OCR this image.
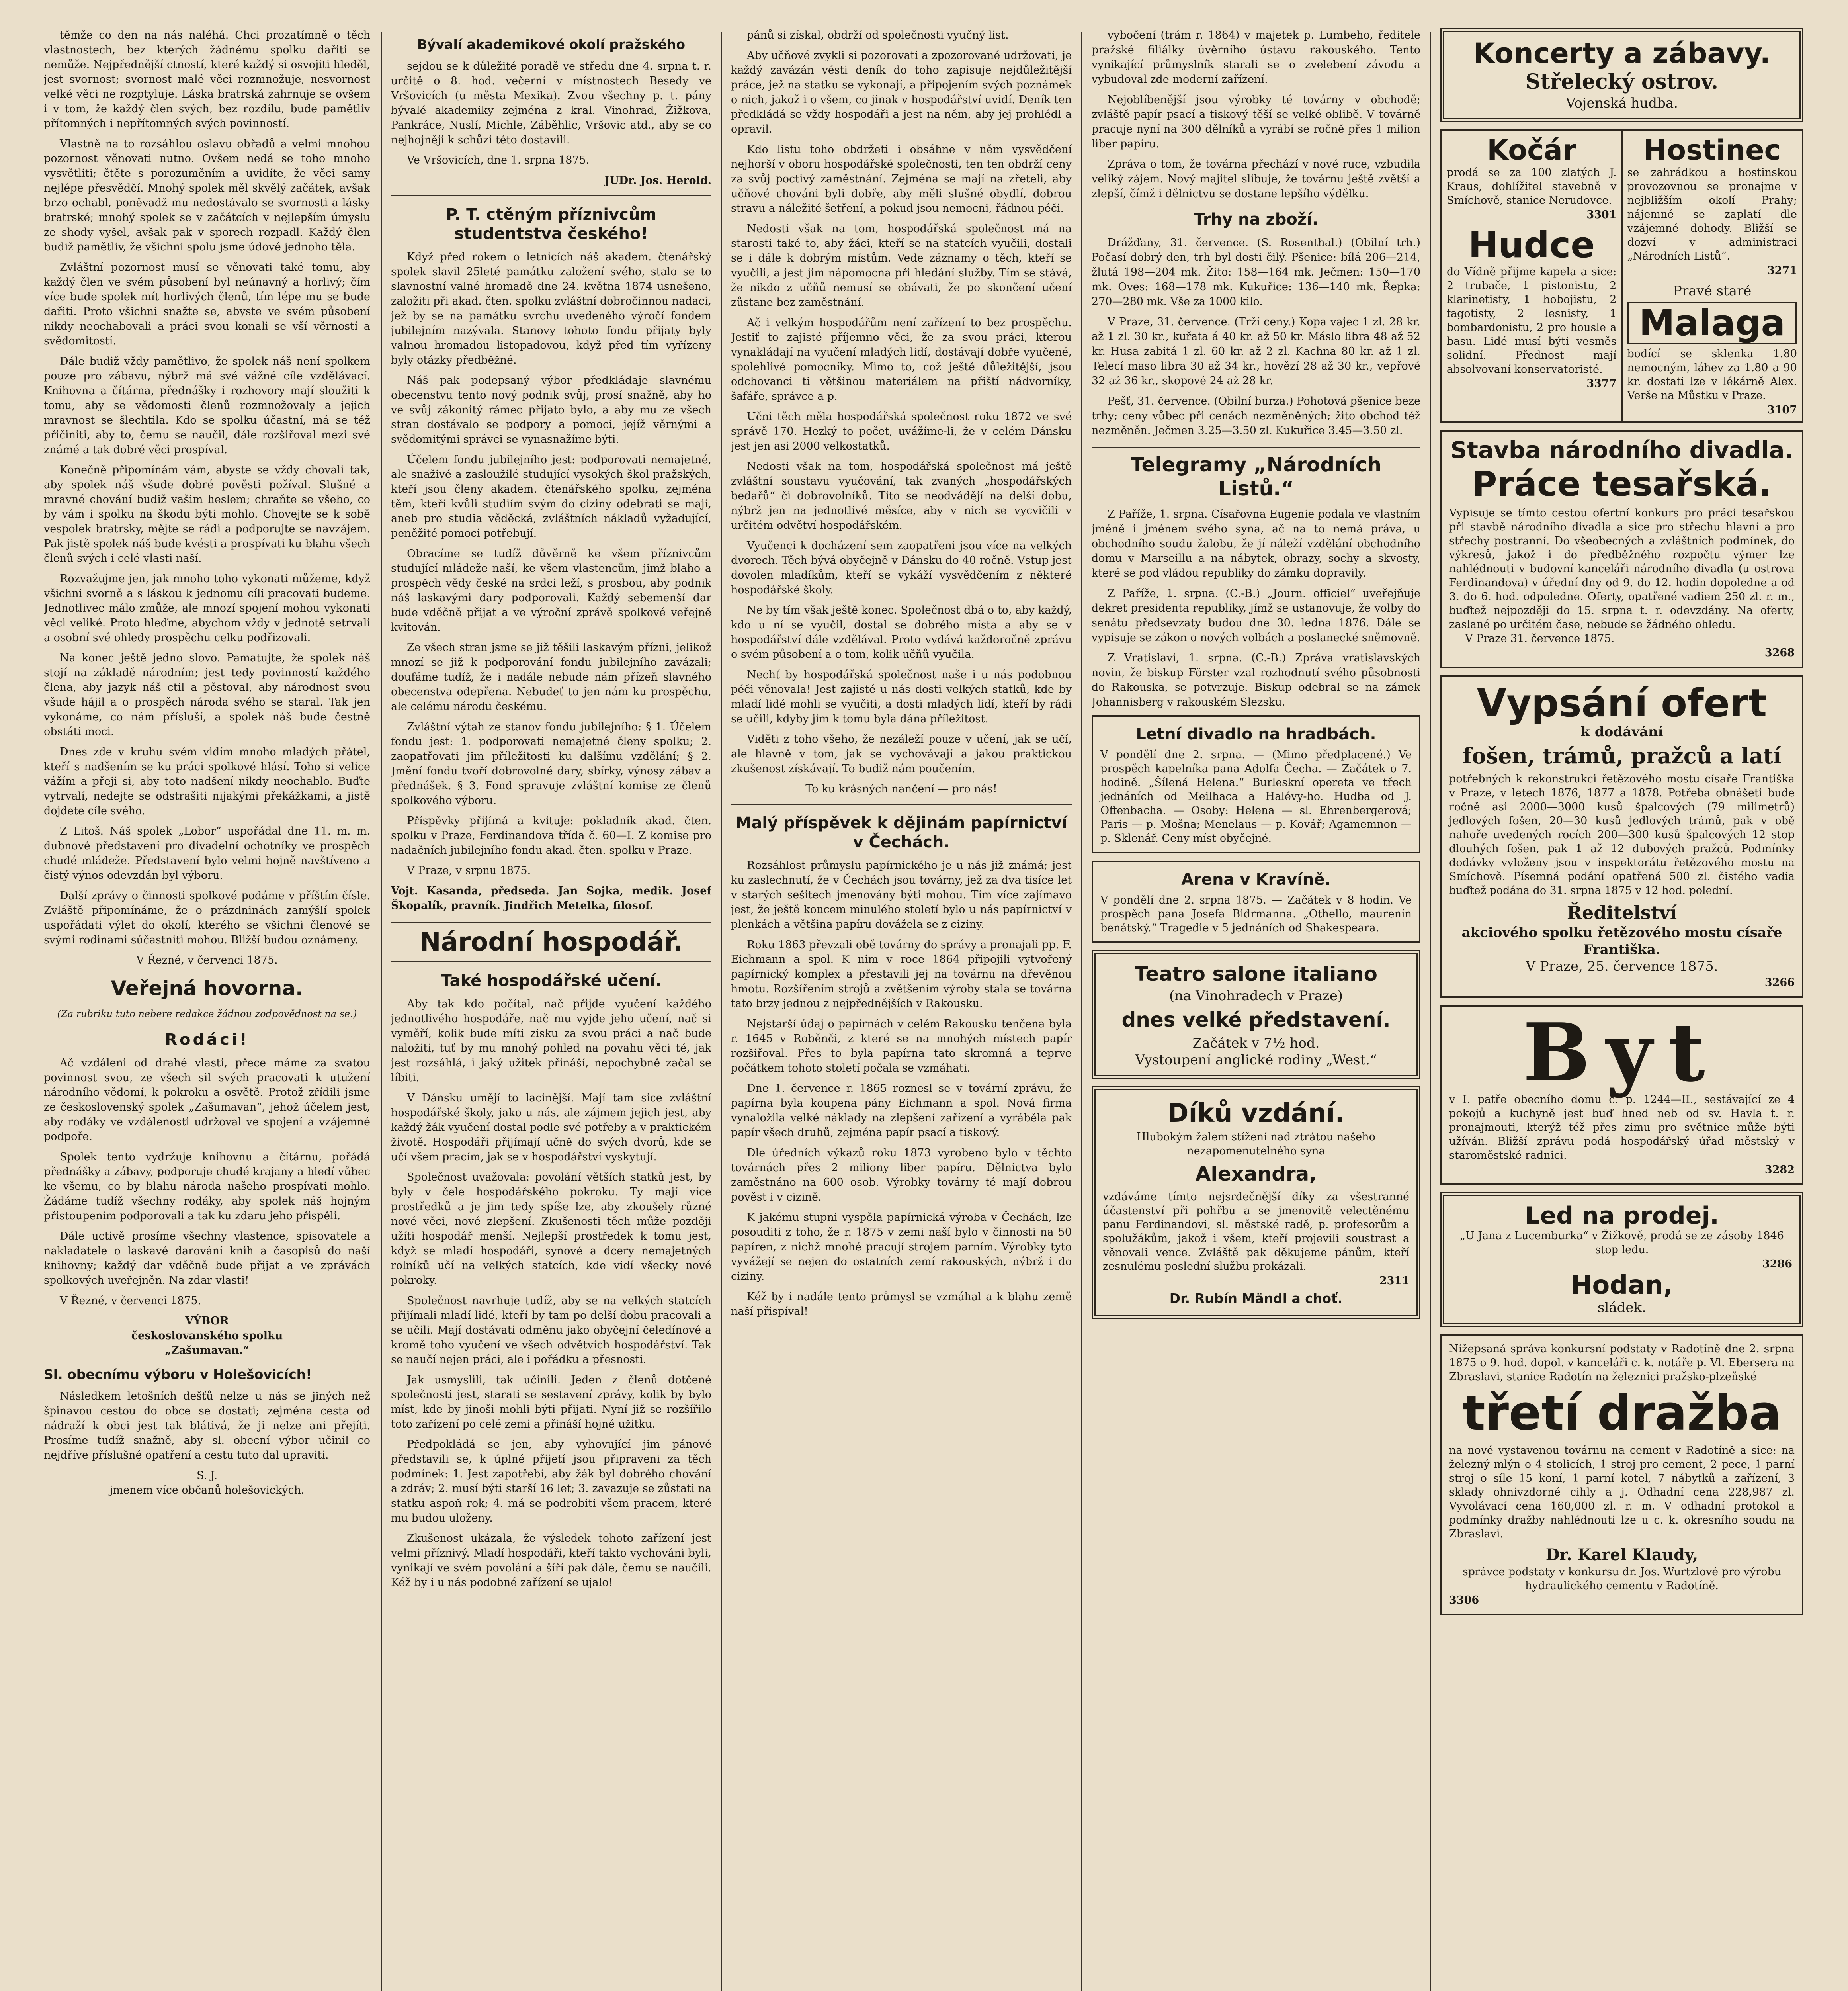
těmže co den na nás naléhá. Chci prozatímně o těch vlastnostech, bez kterých žádnému spolku dařiti se nemůže. Nejpřednější ctností, které každý si osvojiti hleděl, jest svornost; svornost malé věci rozmnožuje, nesvornost velké věci ne rozptyluje. Láska bratrská zahrnuje se ovšem i v tom, že každý člen svých, bez rozdílu, bude pamětliv přítomných i nepřítomných svých povinností.

Vlastně na to rozsáhlou oslavu obřadů a velmi mnohou pozornost věnovati nutno. Ovšem nedá se toho mnoho vysvětliti; čtěte s porozuměním a uvidíte, že věci samy nejlépe přesvědčí. Mnohý spolek měl skvělý začátek, avšak brzo ochabl, poněvadž mu nedostávalo se svornosti a lásky bratrské; mnohý spolek se v začátcích v nejlepším úmyslu ze shody vyšel, avšak pak v sporech rozpadl. Každý člen budiž pamětliv, že všichni spolu jsme údové jednoho těla.

Zvláštní pozornost musí se věnovati také tomu, aby každý člen ve svém působení byl neúnavný a horlivý; čím více bude spolek mít horlivých členů, tím lépe mu se bude dařiti. Proto všichni snažte se, abyste ve svém působení nikdy neochabovali a práci svou konali se vší věrností a svědomitostí.

Dále budiž vždy pamětlivo, že spolek náš není spolkem pouze pro zábavu, nýbrž má své vážné cíle vzdělávací. Knihovna a čítárna, přednášky i rozhovory mají sloužiti k tomu, aby se vědomosti členů rozmnožovaly a jejich mravnost se šlechtila. Kdo se spolku účastní, má se též přičiniti, aby to, čemu se naučil, dále rozšiřoval mezi své známé a tak dobré věci prospíval.

Konečně připomínám vám, abyste se vždy chovali tak, aby spolek náš všude dobré pověsti požíval. Slušné a mravné chování budiž vašim heslem; chraňte se všeho, co by vám i spolku na škodu býti mohlo. Chovejte se k sobě vespolek bratrsky, mějte se rádi a podporujte se navzájem. Pak jistě spolek náš bude kvésti a prospívati ku blahu všech členů svých i celé vlasti naší.

Rozvažujme jen, jak mnoho toho vykonati můžeme, když všichni svorně a s láskou k jednomu cíli pracovati budeme. Jednotlivec málo zmůže, ale mnozí spojení mohou vykonati věci veliké. Proto hleďme, abychom vždy v jednotě setrvali a osobní své ohledy prospěchu celku podřizovali.

Na konec ještě jedno slovo. Pamatujte, že spolek náš stojí na základě národním; jest tedy povinností každého člena, aby jazyk náš ctil a pěstoval, aby národnost svou všude hájil a o prospěch národa svého se staral. Tak jen vykonáme, co nám přísluší, a spolek náš bude čestně obstáti moci.

Dnes zde v kruhu svém vidím mnoho mladých přátel, kteří s nadšením se ku práci spolkové hlásí. Toho si velice vážím a přeji si, aby toto nadšení nikdy neochablo. Buďte vytrvalí, nedejte se odstrašiti nijakými překážkami, a jistě dojdete cíle svého.

Z Litoš. Náš spolek „Lobor“ uspořádal dne 11. m. m. dubnové představení pro divadelní ochotníky ve prospěch chudé mládeže. Představení bylo velmi hojně navštíveno a čistý výnos odevzdán byl výboru.

Další zprávy o činnosti spolkové podáme v příštím čísle. Zvláště připomínáme, že o prázdninách zamýšlí spolek uspořádati výlet do okolí, kterého se všichni členové se svými rodinami súčastniti mohou. Bližší budou oznámeny.

V Řezné, v červenci 1875.

Veřejná hovorna.

(Za rubriku tuto nebere redakce žádnou zodpovědnost na se.)

Rodáci!

Ač vzdáleni od drahé vlasti, přece máme za svatou povinnost svou, ze všech sil svých pracovati k utužení národního vědomí, k pokroku a osvětě. Protož zřídili jsme ze československý spolek „Zašumavan“, jehož účelem jest, aby rodáky ve vzdálenosti udržoval ve spojení a vzájemné podpoře.

Spolek tento vydržuje knihovnu a čítárnu, pořádá přednášky a zábavy, podporuje chudé krajany a hledí vůbec ke všemu, co by blahu národa našeho prospívati mohlo. Žádáme tudíž všechny rodáky, aby spolek náš hojným přistoupením podporovali a tak ku zdaru jeho přispěli.

Dále uctivě prosíme všechny vlastence, spisovatele a nakladatele o laskavé darování knih a časopisů do naší knihovny; každý dar vděčně bude přijat a ve zprávách spolkových uveřejněn. Na zdar vlasti!

V Řezné, v červenci 1875.

VÝBOR
českoslovanského spolku
„Zašumavan.“

Sl. obecnímu výboru v Holešovicích!

Následkem letošních dešťů nelze u nás se jiných než špinavou cestou do obce se dostati; zejména cesta od nádraží k obci jest tak blátivá, že ji nelze ani přejíti. Prosíme tudíž snažně, aby sl. obecní výbor učinil co nejdříve příslušné opatření a cestu tuto dal upraviti.

S. J.
jmenem více občanů holešovických.

Bývalí akademikové okolí pražského

sejdou se k důležité poradě ve středu dne 4. srpna t. r. určitě o 8. hod. večerní v místnostech Besedy ve Vršovicích (u města Mexika). Zvou všechny p. t. pány bývalé akademiky zejména z kral. Vinohrad, Žižkova, Pankráce, Nuslí, Michle, Záběhlic, Vršovic atd., aby se co nejhojněji k schůzi této dostavili.

Ve Vršovicích, dne 1. srpna 1875.

JUDr. Jos. Herold.

P. T. ctěným příznivcům studentstva českého!

Když před rokem o letnicích náš akadem. čtenářský spolek slavil 25leté památku založení svého, stalo se to slavnostní valné hromadě dne 24. května 1874 usnešeno, založiti při akad. čten. spolku zvláštní dobročinnou nadaci, jež by se na památku svrchu uvedeného výročí fondem jubilejním nazývala. Stanovy tohoto fondu přijaty byly valnou hromadou listopadovou, když před tím vyřízeny byly otázky předběžné.

Náš pak podepsaný výbor předkládaje slavnému obecenstvu tento nový podnik svůj, prosí snažně, aby ho ve svůj zákonitý rámec přijato bylo, a aby mu ze všech stran dostávalo se podpory a pomoci, jejíž věrnými a svědomitými správci se vynasnažíme býti.

Účelem fondu jubilejního jest: podporovati nemajetné, ale snaživé a zasloužilé studující vysokých škol pražských, kteří jsou členy akadem. čtenářského spolku, zejména těm, kteří kvůli studiím svým do ciziny odebrati se mají, aneb pro studia věděcká, zvláštních nákladů vyžadující, peněžité pomoci potřebují.

Obracíme se tudíž důvěrně ke všem příznivcům studující mládeže naší, ke všem vlastencům, jimž blaho a prospěch vědy české na srdci leží, s prosbou, aby podnik náš laskavými dary podporovali. Každý sebemenší dar bude vděčně přijat a ve výroční zprávě spolkové veřejně kvitován.

Ze všech stran jsme se již těšili laskavým přízni, jelikož mnozí se již k podporování fondu jubilejního zavázali; doufáme tudíž, že i nadále nebude nám přízeň slavného obecenstva odepřena. Nebudeť to jen nám ku prospěchu, ale celému národu českému.

Zvláštní výtah ze stanov fondu jubilejního: § 1. Účelem fondu jest: 1. podporovati nemajetné členy spolku; 2. zaopatřovati jim příležitosti ku dalšímu vzdělání; § 2. Jmění fondu tvoří dobrovolné dary, sbírky, výnosy zábav a přednášek. § 3. Fond spravuje zvláštní komise ze členů spolkového výboru.

Příspěvky přijímá a kvituje: pokladník akad. čten. spolku v Praze, Ferdinandova třída č. 60—I. Z komise pro nadačních jubilejního fondu akad. čten. spolku v Praze.

V Praze, v srpnu 1875.

Vojt. Kasanda, předseda. Jan Sojka, medik. Josef Škopalík, pravník. Jindřich Metelka, filosof.

Národní hospodář.
Také hospodářské učení.

Aby tak kdo počítal, nač přijde vyučení každého jednotlivého hospodáře, nač mu vyjde jeho učení, nač si vyměří, kolik bude míti zisku za svou práci a nač bude naložiti, tuť by mu mnohý pohled na povahu věci té, jak jest rozsáhlá, i jaký užitek přináší, nepochybně začal se líbiti.

V Dánsku umějí to lacinější. Mají tam sice zvláštní hospodářské školy, jako u nás, ale zájmem jejich jest, aby každý žák vyučení dostal podle své potřeby a v praktickém životě. Hospodáři přijímají učně do svých dvorů, kde se učí všem pracím, jak se v hospodářství vyskytují.

Společnost uvažovala: povolání větších statků jest, by byly v čele hospodářského pokroku. Ty mají více prostředků a je jim tedy spíše lze, aby zkoušely různé nové věci, nové zlepšení. Zkušenosti těch může později užíti hospodář menší. Nejlepší prostředek k tomu jest, když se mladí hospodáři, synové a dcery nemajetných rolníků učí na velkých statcích, kde vidí všecky nové pokroky.

Společnost navrhuje tudíž, aby se na velkých statcích přijímali mladí lidé, kteří by tam po delší dobu pracovali a se učili. Mají dostávati odměnu jako obyčejní čeledínové a kromě toho vyučení ve všech odvětvích hospodářství. Tak se naučí nejen práci, ale i pořádku a přesnosti.

Jak usmyslili, tak učinili. Jeden z členů dotčené společnosti jest, starati se sestavení zprávy, kolik by bylo míst, kde by jinoši mohli býti přijati. Nyní již se rozšířilo toto zařízení po celé zemi a přináší hojné užitku.

Předpokládá se jen, aby vyhovující jim pánové představili se, k úplné přijetí jsou připraveni za těch podmínek: 1. Jest zapotřebí, aby žák byl dobrého chování a zdráv; 2. musí býti starší 16 let; 3. zavazuje se zůstati na statku aspoň rok; 4. má se podrobiti všem pracem, které mu budou uloženy.

Zkušenost ukázala, že výsledek tohoto zařízení jest velmi příznivý. Mladí hospodáři, kteří takto vychováni byli, vynikají ve svém povolání a šíří pak dále, čemu se naučili. Kéž by i u nás podobné zařízení se ujalo!

pánů si získal, obdrží od společnosti vyučný list.

Aby učňové zvykli si pozorovati a zpozorované udržovati, je každý zavázán vésti deník do toho zapisuje nejdůležitější práce, jež na statku se vykonají, a připojením svých poznámek o nich, jakož i o všem, co jinak v hospodářství uvidí. Deník ten předkládá se vždy hospodáři a jest na něm, aby jej prohlédl a opravil.

Kdo listu toho obdržeti i obsáhne v něm vysvědčení nejhorší v oboru hospodářské společnosti, ten ten obdrží ceny za svůj poctivý zaměstnání. Zejména se mají na zřeteli, aby učňové chováni byli dobře, aby měli slušné obydlí, dobrou stravu a náležité šetření, a pokud jsou nemocni, řádnou péči.

Nedosti však na tom, hospodářská společnost má na starosti také to, aby žáci, kteří se na statcích vyučili, dostali se i dále k dobrým místům. Vede záznamy o těch, kteří se vyučili, a jest jim nápomocna při hledání služby. Tím se stává, že nikdo z učňů nemusí se obávati, že po skončení učení zůstane bez zaměstnání.

Ač i velkým hospodářům není zařízení to bez prospěchu. Jestiť to zajisté příjemno věci, že za svou práci, kterou vynakládají na vyučení mladých lidí, dostávají dobře vyučené, spolehlivé pomocníky. Mimo to, což ještě důležitější, jsou odchovanci ti většinou materiálem na přiští nádvorníky, šafáře, správce a p.

Učni těch měla hospodářská společnost roku 1872 ve své správě 170. Hezký to počet, uvážíme-li, že v celém Dánsku jest jen asi 2000 velkostatků.

Nedosti však na tom, hospodářská společnost má ještě zvláštní soustavu vyučování, tak zvaných „hospodářských bedařů“ či dobrovolníků. Tito se neodvádějí na delší dobu, nýbrž jen na jednotlivé měsíce, aby v nich se vycvičili v určitém odvětví hospodářském.

Vyučenci k docházení sem zaopatřeni jsou více na velkých dvorech. Těch bývá obyčejně v Dánsku do 40 ročně. Vstup jest dovolen mladíkům, kteří se vykáží vysvědčením z některé hospodářské školy.

Ne by tím však ještě konec. Společnost dbá o to, aby každý, kdo u ní se vyučil, dostal se dobrého místa a aby se v hospodářství dále vzdělával. Proto vydává každoročně zprávu o svém působení a o tom, kolik učňů vyučila.

Nechť by hospodářská společnost naše i u nás podobnou péči věnovala! Jest zajisté u nás dosti velkých statků, kde by mladí lidé mohli se vyučiti, a dosti mladých lidí, kteří by rádi se učili, kdyby jim k tomu byla dána příležitost.

Viděti z toho všeho, že nezáleží pouze v učení, jak se učí, ale hlavně v tom, jak se vychovávají a jakou praktickou zkušenost získávají. To budiž nám poučením.

To ku krásných nančení — pro nás!

Malý příspěvek k dějinám papírnictví v Čechách.

Rozsáhlost průmyslu papírnického je u nás již známá; jest ku zaslechnutí, že v Čechách jsou továrny, jež za dva tisíce let v starých sešitech jmenovány býti mohou. Tím více zajímavo jest, že ještě koncem minulého století bylo u nás papírnictví v plenkách a většina papíru dovážela se z ciziny.

Roku 1863 převzali obě továrny do správy a pronajali pp. F. Eichmann a spol. K nim v roce 1864 připojili vytvořený papírnický komplex a přestavili jej na továrnu na dřevěnou hmotu. Rozšířením strojů a zvětšením výroby stala se továrna tato brzy jednou z nejpřednějších v Rakousku.

Nejstarší údaj o papírnách v celém Rakousku tenčena byla r. 1645 v Roběnči, z které se na mnohých místech papír rozšiřoval. Přes to byla papírna tato skromná a teprve počátkem tohoto století počala se vzmáhati.

Dne 1. července r. 1865 roznesl se v tovární zprávu, že papírna byla koupena pány Eichmann a spol. Nová firma vynaložila velké náklady na zlepšení zařízení a vyráběla pak papír všech druhů, zejména papír psací a tiskový.

Dle úředních výkazů roku 1873 vyrobeno bylo v těchto továrnách přes 2 miliony liber papíru. Dělnictva bylo zaměstnáno na 600 osob. Výrobky továrny té mají dobrou pověst i v cizině.

K jakému stupni vyspěla papírnická výroba v Čechách, lze posouditi z toho, že r. 1875 v zemi naší bylo v činnosti na 50 papíren, z nichž mnohé pracují strojem parním. Výrobky tyto vyvážejí se nejen do ostatních zemí rakouských, nýbrž i do ciziny.

Kéž by i nadále tento průmysl se vzmáhal a k blahu země naší přispíval!

vybočení (trám r. 1864) v majetek p. Lumbeho, ředitele pražské filiálky úvěrního ústavu rakouského. Tento vynikající průmyslník starali se o zvelebení závodu a vybudoval zde moderní zařízení.

Nejoblíbenější jsou výrobky té továrny v obchodě; zvláště papír psací a tiskový těší se velké oblibě. V továrně pracuje nyní na 300 dělníků a vyrábí se ročně přes 1 milion liber papíru.

Zpráva o tom, že továrna přechází v nové ruce, vzbudila veliký zájem. Nový majitel slibuje, že továrnu ještě zvětší a zlepší, čímž i dělnictvu se dostane lepšího výdělku.

Trhy na zboží.

Drážďany, 31. července. (S. Rosenthal.) (Obilní trh.) Počasí dobrý den, trh byl dosti čilý. Pšenice: bílá 206—214, žlutá 198—204 mk. Žito: 158—164 mk. Ječmen: 150—170 mk. Oves: 168—178 mk. Kukuřice: 136—140 mk. Řepka: 270—280 mk. Vše za 1000 kilo.

V Praze, 31. července. (Trží ceny.) Kopa vajec 1 zl. 28 kr. až 1 zl. 30 kr., kuřata á 40 kr. až 50 kr. Máslo libra 48 až 52 kr. Husa zabitá 1 zl. 60 kr. až 2 zl. Kachna 80 kr. až 1 zl. Telecí maso libra 30 až 34 kr., hovězí 28 až 30 kr., vepřové 32 až 36 kr., skopové 24 až 28 kr.

Pešť, 31. července. (Obilní burza.) Pohotová pšenice beze trhy; ceny vůbec při cenách nezměněných; žito obchod též nezměněn. Ječmen 3.25—3.50 zl. Kukuřice 3.45—3.50 zl.

Telegramy „Národních Listů.“

Z Paříže, 1. srpna. Císařovna Eugenie podala ve vlastním jméně i jménem svého syna, ač na to nemá práva, u obchodního soudu žalobu, že jí náleží vzdělání obchodního domu v Marseillu a na nábytek, obrazy, sochy a skvosty, které se pod vládou republiky do zámku dopravily.

Z Paříže, 1. srpna. (C.-B.) „Journ. officiel“ uveřejňuje dekret presidenta republiky, jímž se ustanovuje, že volby do senátu předsevzaty budou dne 30. ledna 1876. Dále se vypisuje se zákon o nových volbách a poslanecké sněmovně.

Z Vratislavi, 1. srpna. (C.-B.) Zpráva vratislavských novin, že biskup Förster vzal rozhodnutí svého působnosti do Rakouska, se potvrzuje. Biskup odebral se na zámek Johannisberg v rakouském Slezsku.

Letní divadlo na hradbách.
V pondělí dne 2. srpna. — (Mimo předplacené.) Ve prospěch kapelníka pana Adolfa Čecha. — Začátek o 7. hodině. „Šílená Helena.“ Burleskní opereta ve třech jednáních od Meilhaca a Halévy-ho. Hudba od J. Offenbacha. — Osoby: Helena — sl. Ehrenbergerová; Paris — p. Mošna; Menelaus — p. Kovář; Agamemnon — p. Sklenář. Ceny míst obyčejné.
Arena v Kravíně.
V pondělí dne 2. srpna 1875. — Začátek v 8 hodin. Ve prospěch pana Josefa Bidrmanna. „Othello, maurenín benátský.“ Tragedie v 5 jednáních od Shakespeara.
Teatro salone italiano
(na Vinohradech v Praze)
dnes velké představení.
Začátek v 7½ hod.
Vystoupení anglické rodiny „West.“
Díků vzdání.
Hlubokým žalem stížení nad ztrátou našeho nezapomenutelného syna
Alexandra,
vzdáváme tímto nejsrdečnější díky za všestranné účastenství při pohřbu a se jmenovitě velectěnému panu Ferdinandovi, sl. městské radě, p. profesorům a spolužákům, jakož i všem, kteří projevili soustrast a věnovali vence. Zvláště pak děkujeme pánům, kteří zesnulému poslední službu prokázali.
2311
Dr. Rubín Mändl a choť.
Koncerty a zábavy.
Střelecký ostrov.
Vojenská hudba.
Kočár
prodá se za 100 zlatých J. Kraus, dohlížitel stavebně v Smíchově, stanice Nerudovce.
3301
Hudce
do Vídně přijme kapela a sice: 2 trubače, 1 pistonistu, 2 klarinetisty, 1 hobojistu, 2 fagotisty, 2 lesnisty, 1 bombardonistu, 2 pro housle a basu. Lidé musí býti vesměs solidní. Přednost mají absolvovaní konservatoristé.
3377
Hostinec
se zahrádkou a hostinskou provozovnou se pronajme v nejbližším okolí Prahy; nájemné se zaplatí dle vzájemné dohody. Bližší se dozví v administraci „Národních Listů“.
3271
Pravé staré
Malaga
bodící se sklenka 1.80 nemocným, láhev za 1.80 a 90 kr. dostati lze v lékárně Alex. Verše na Můstku v Praze.
3107
Stavba národního divadla.
Práce tesařská.
Vypisuje se tímto cestou ofertní konkurs pro práci tesařskou při stavbě národního divadla a sice pro střechu hlavní a pro střechy postranní. Do všeobecných a zvláštních podmínek, do výkresů, jakož i do předběžného rozpočtu výmer lze nahlédnouti v budovní kanceláři národního divadla (u ostrova Ferdinandova) v úřední dny od 9. do 12. hodin dopoledne a od 3. do 6. hod. odpoledne. Oferty, opatřené vadiem 250 zl. r. m., buďtež nejpozději do 15. srpna t. r. odevzdány. Na oferty, zaslané po určitém čase, nebude se žádného ohledu.
V Praze 31. července 1875.
3268
Vypsání ofert
k dodávání
fošen, trámů, pražců a latí
potřebných k rekonstrukci řetězového mostu císaře Františka v Praze, v letech 1876, 1877 a 1878. Potřeba obnášeti bude ročně asi 2000—3000 kusů špalcových (79 milimetrů) jedlových fošen, 20—30 kusů jedlových trámů, pak v obě nahoře uvedených rocích 200—300 kusů špalcových 12 stop dlouhých fošen, pak 1 až 12 dubových pražců. Podmínky dodávky vyloženy jsou v inspektorátu řetězového mostu na Smíchově. Písemná podání opatřená 500 zl. čistého vadia buďtež podána do 31. srpna 1875 v 12 hod. polední.
Ředitelství
akciového spolku řetězového mostu císaře Františka.
V Praze, 25. července 1875.
3266
Byt
v I. patře obecního domu č. p. 1244—II., sestávající ze 4 pokojů a kuchyně jest buď hned neb od sv. Havla t. r. pronajmouti, kterýž též přes zimu pro světnice může býti užíván. Bližší zprávu podá hospodářský úřad městský v staroměstské radnici.
3282
Led na prodej.
„U Jana z Lucemburka“ v Žižkově, prodá se ze zásoby 1846 stop ledu.
3286
Hodan,
sládek.
Nížepsaná správa konkursní podstaty v Radotíně dne 2. srpna 1875 o 9. hod. dopol. v kanceláři c. k. notáře p. Vl. Ebersera na Zbraslavi, stanice Radotín na železnici pražsko-plzeňské
třetí dražba
na nové vystavenou továrnu na cement v Radotíně a sice: na železný mlýn o 4 stolicích, 1 stroj pro cement, 2 pece, 1 parní stroj o síle 15 koní, 1 parní kotel, 7 nábytků a zařízení, 3 sklady ohnivzdorné cihly a j. Odhadní cena 228,987 zl. Vyvolávací cena 160,000 zl. r. m. V odhadní protokol a podmínky dražby nahlédnouti lze u c. k. okresního soudu na Zbraslavi.
Dr. Karel Klaudy,
správce podstaty v konkursu dr. Jos. Wurtzlové pro výrobu hydraulického cementu v Radotíně.
3306
